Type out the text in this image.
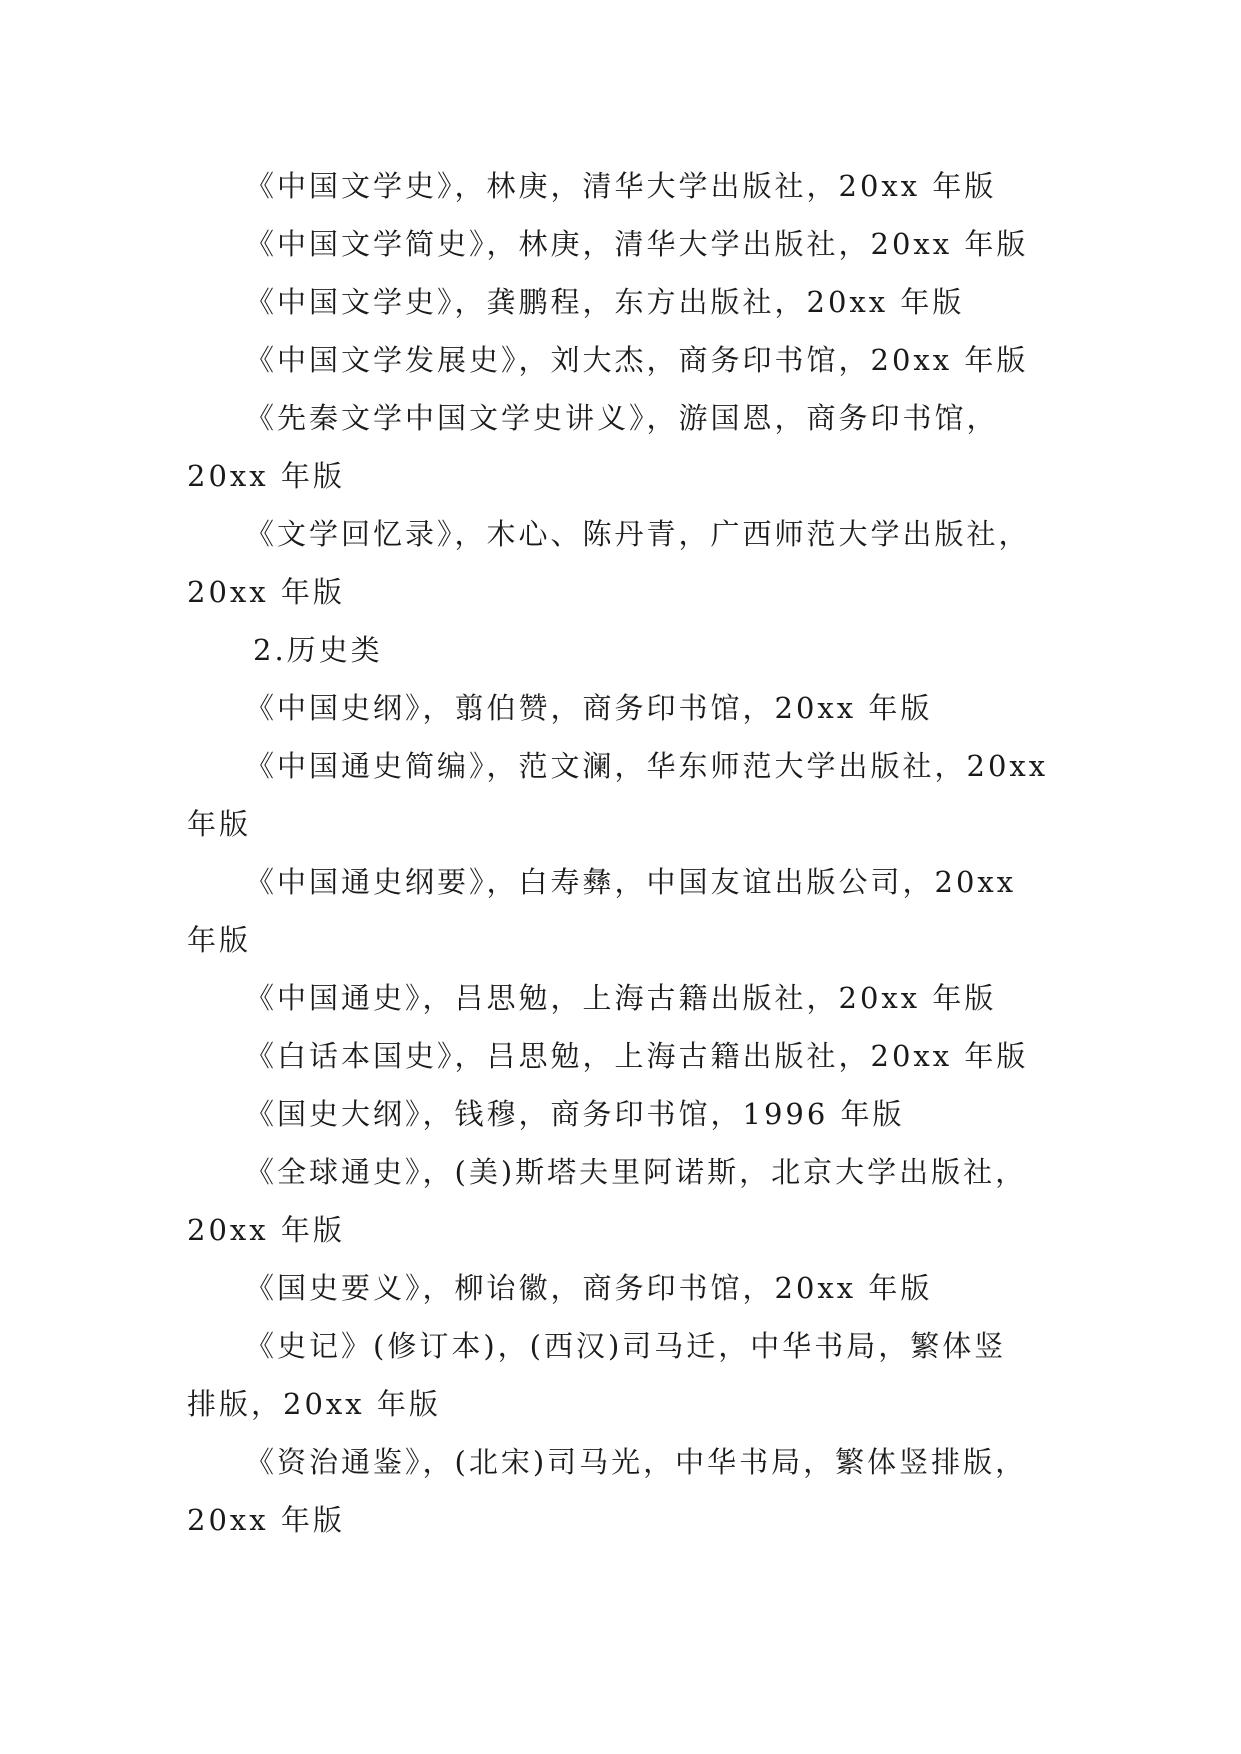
《中国文学史》，林庚，清华大学出版社，20xx 年版

《中国文学简史》，林庚，清华大学出版社，20xx 年版

《中国文学史》，龚鹏程，东方出版社，20xx 年版

《中国文学发展史》，刘大杰，商务印书馆，20xx 年版

《先秦文学中国文学史讲义》，游国恩，商务印书馆，
20xx 年版

《文学回忆录》，木心、陈丹青，广西师范大学出版社，
20xx 年版

2.历史类

《中国史纲》，翦伯赞，商务印书馆，20xx 年版

《中国通史简编》，范文澜，华东师范大学出版社，20xx
年版

《中国通史纲要》，白寿彝，中国友谊出版公司，20xx
年版

《中国通史》，吕思勉，上海古籍出版社，20xx 年版

《白话本国史》，吕思勉，上海古籍出版社，20xx 年版

《国史大纲》，钱穆，商务印书馆，1996 年版

《全球通史》，(美)斯塔夫里阿诺斯，北京大学出版社，
20xx 年版

《国史要义》，柳诒徽，商务印书馆，20xx 年版

《史记》(修订本)，(西汉)司马迁，中华书局，繁体竖
排版，20xx 年版

《资治通鉴》，(北宋)司马光，中华书局，繁体竖排版，
20xx 年版
